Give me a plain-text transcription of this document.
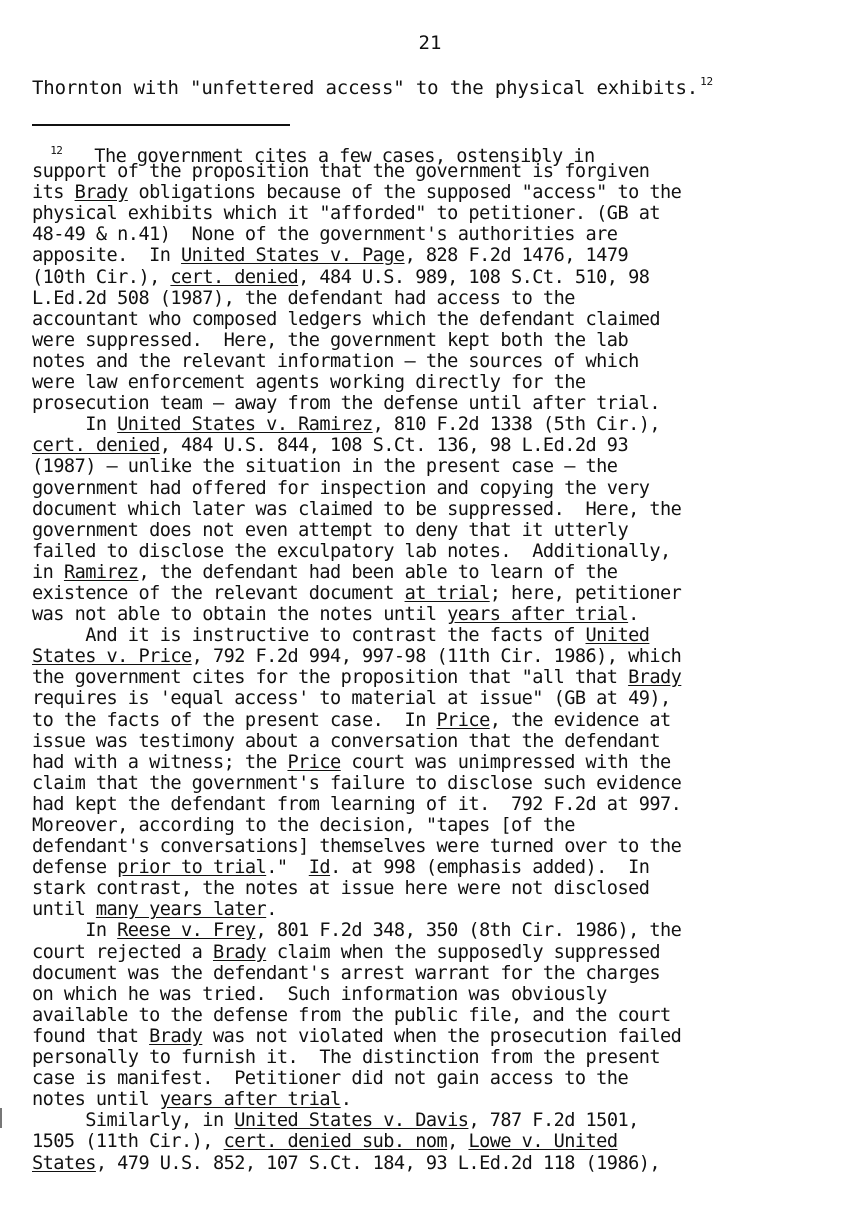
21
Thornton with "unfettered access" to the physical exhibits. $^{12}$
$^{12}$   The government cites a few cases, ostensibly in
support of the proposition that the government is forgiven
its Brady obligations because of the supposed "access" to the
physical exhibits which it "afforded" to petitioner. (GB at
48-49 & n.41)  None of the government's authorities are
apposite.  In United States v. Page, 828 F.2d 1476, 1479
(10th Cir.), cert. denied, 484 U.S. 989, 108 S.Ct. 510, 98
L.Ed.2d 508 (1987), the defendant had access to the
accountant who composed ledgers which the defendant claimed
were suppressed.  Here, the government kept both the lab
notes and the relevant information — the sources of which
were law enforcement agents working directly for the
prosecution team — away from the defense until after trial.
In United States v. Ramirez, 810 F.2d 1338 (5th Cir.),
cert. denied, 484 U.S. 844, 108 S.Ct. 136, 98 L.Ed.2d 93
(1987) — unlike the situation in the present case — the
government had offered for inspection and copying the very
document which later was claimed to be suppressed.  Here, the
government does not even attempt to deny that it utterly
failed to disclose the exculpatory lab notes.  Additionally,
in Ramirez, the defendant had been able to learn of the
existence of the relevant document at trial; here, petitioner
was not able to obtain the notes until years after trial.
And it is instructive to contrast the facts of United
States v. Price, 792 F.2d 994, 997-98 (11th Cir. 1986), which
the government cites for the proposition that "all that Brady
requires is 'equal access' to material at issue" (GB at 49),
to the facts of the present case.  In Price, the evidence at
issue was testimony about a conversation that the defendant
had with a witness; the Price court was unimpressed with the
claim that the government's failure to disclose such evidence
had kept the defendant from learning of it.  792 F.2d at 997.
Moreover, according to the decision, "tapes [of the
defendant's conversations] themselves were turned over to the
defense prior to trial."  Id. at 998 (emphasis added).  In
stark contrast, the notes at issue here were not disclosed
until many years later.
In Reese v. Frey, 801 F.2d 348, 350 (8th Cir. 1986), the
court rejected a Brady claim when the supposedly suppressed
document was the defendant's arrest warrant for the charges
on which he was tried.  Such information was obviously
available to the defense from the public file, and the court
found that Brady was not violated when the prosecution failed
personally to furnish it.  The distinction from the present
case is manifest.  Petitioner did not gain access to the
notes until years after trial.
Similarly, in United States v. Davis, 787 F.2d 1501,
1505 (11th Cir.), cert. denied sub. nom, Lowe v. United
States, 479 U.S. 852, 107 S.Ct. 184, 93 L.Ed.2d 118 (1986),
